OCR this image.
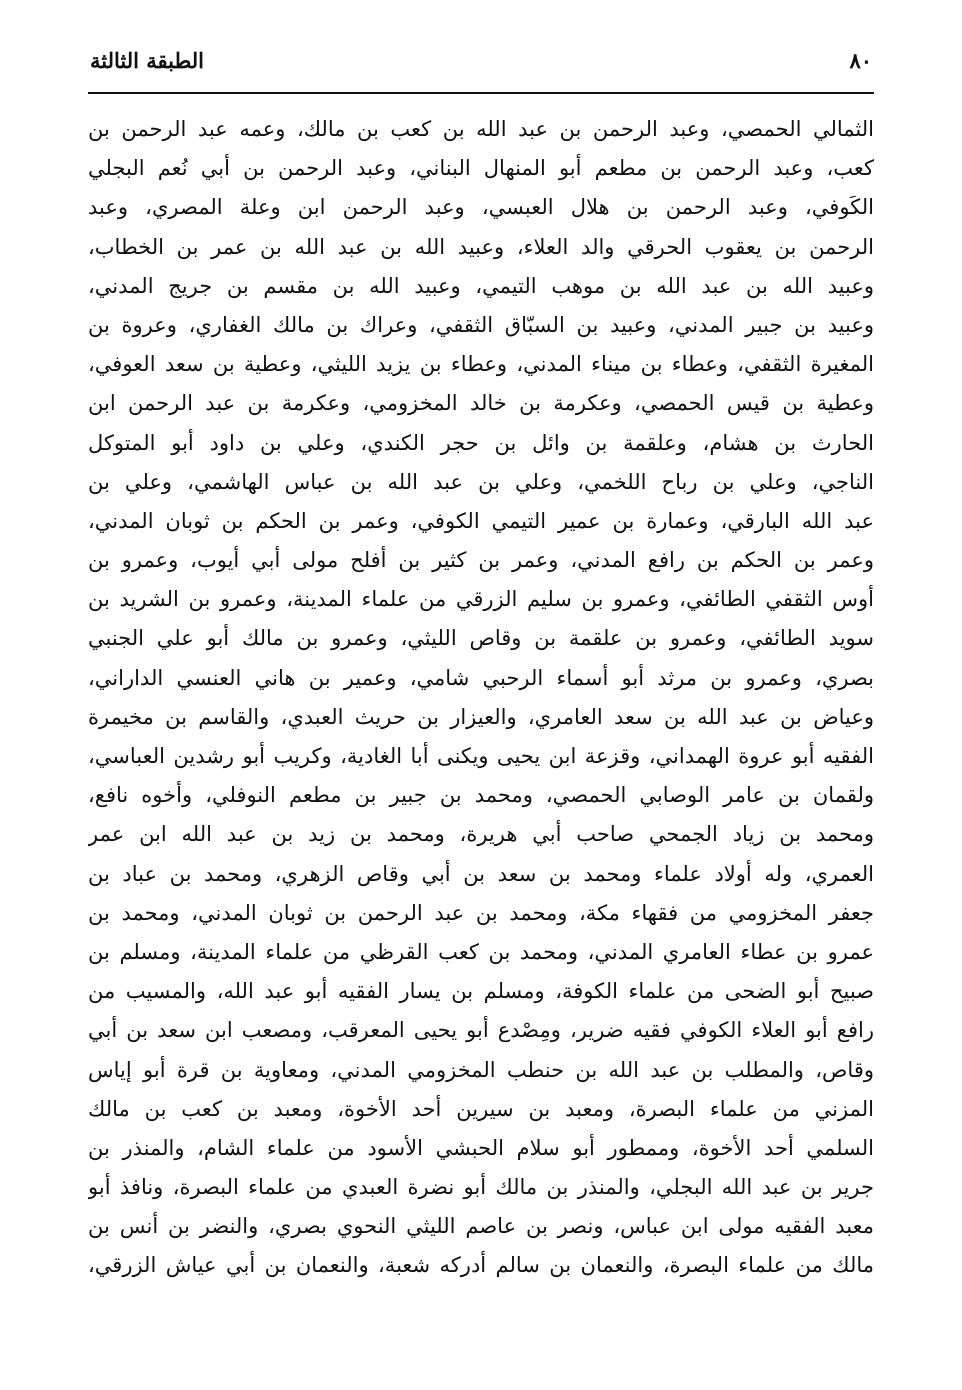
٨٠
الطبقة الثالثة
الثمالي الحمصي، وعبد الرحمن بن عبد الله بن كعب بن مالك، وعمه عبد الرحمن بن
كعب، وعبد الرحمن بن مطعم أبو المنهال البناني، وعبد الرحمن بن أبي نُعم البجلي
الكَوفي، وعبد الرحمن بن هلال العبسي، وعبد الرحمن ابن وعلة المصري، وعبد
الرحمن بن يعقوب الحرقي والد العلاء، وعبيد الله بن عبد الله بن عمر بن الخطاب،
وعبيد الله بن عبد الله بن موهب التيمي، وعبيد الله بن مقسم بن جريج المدني،
وعبيد بن جبير المدني، وعبيد بن السبّاق الثقفي، وعراك بن مالك الغفاري، وعروة بن
المغيرة الثقفي، وعطاء بن ميناء المدني، وعطاء بن يزيد الليثي، وعطية بن سعد العوفي،
وعطية بن قيس الحمصي، وعكرمة بن خالد المخزومي، وعكرمة بن عبد الرحمن ابن
الحارث بن هشام، وعلقمة بن وائل بن حجر الكندي، وعلي بن داود أبو المتوكل
الناجي، وعلي بن رباح اللخمي، وعلي بن عبد الله بن عباس الهاشمي، وعلي بن
عبد الله البارقي، وعمارة بن عمير التيمي الكوفي، وعمر بن الحكم بن ثوبان المدني،
وعمر بن الحكم بن رافع المدني، وعمر بن كثير بن أفلح مولى أبي أيوب، وعمرو بن
أوس الثقفي الطائفي، وعمرو بن سليم الزرقي من علماء المدينة، وعمرو بن الشريد بن
سويد الطائفي، وعمرو بن علقمة بن وقاص الليثي، وعمرو بن مالك أبو علي الجنبي
بصري، وعمرو بن مرثد أبو أسماء الرحبي شامي، وعمير بن هاني العنسي الداراني،
وعياض بن عبد الله بن سعد العامري، والعيزار بن حريث العبدي، والقاسم بن مخيمرة
الفقيه أبو عروة الهمداني، وقزعة ابن يحيى ويكنى أبا الغادية، وكريب أبو رشدين العباسي،
ولقمان بن عامر الوصابي الحمصي، ومحمد بن جبير بن مطعم النوفلي، وأخوه نافع،
ومحمد بن زياد الجمحي صاحب أبي هريرة، ومحمد بن زيد بن عبد الله ابن عمر
العمري، وله أولاد علماء ومحمد بن سعد بن أبي وقاص الزهري، ومحمد بن عباد بن
جعفر المخزومي من فقهاء مكة، ومحمد بن عبد الرحمن بن ثوبان المدني، ومحمد بن
عمرو بن عطاء العامري المدني، ومحمد بن كعب القرظي من علماء المدينة، ومسلم بن
صبيح أبو الضحى من علماء الكوفة، ومسلم بن يسار الفقيه أبو عبد الله، والمسيب من
رافع أبو العلاء الكوفي فقيه ضرير، ومِصْدع أبو يحيى المعرقب، ومصعب ابن سعد بن أبي
وقاص، والمطلب بن عبد الله بن حنطب المخزومي المدني، ومعاوية بن قرة أبو إياس
المزني من علماء البصرة، ومعبد بن سيرين أحد الأخوة، ومعبد بن كعب بن مالك
السلمي أحد الأخوة، وممطور أبو سلام الحبشي الأسود من علماء الشام، والمنذر بن
جرير بن عبد الله البجلي، والمنذر بن مالك أبو نضرة العبدي من علماء البصرة، ونافذ أبو
معبد الفقيه مولى ابن عباس، ونصر بن عاصم الليثي النحوي بصري، والنضر بن أنس بن
مالك من علماء البصرة، والنعمان بن سالم أدركه شعبة، والنعمان بن أبي عياش الزرقي،
